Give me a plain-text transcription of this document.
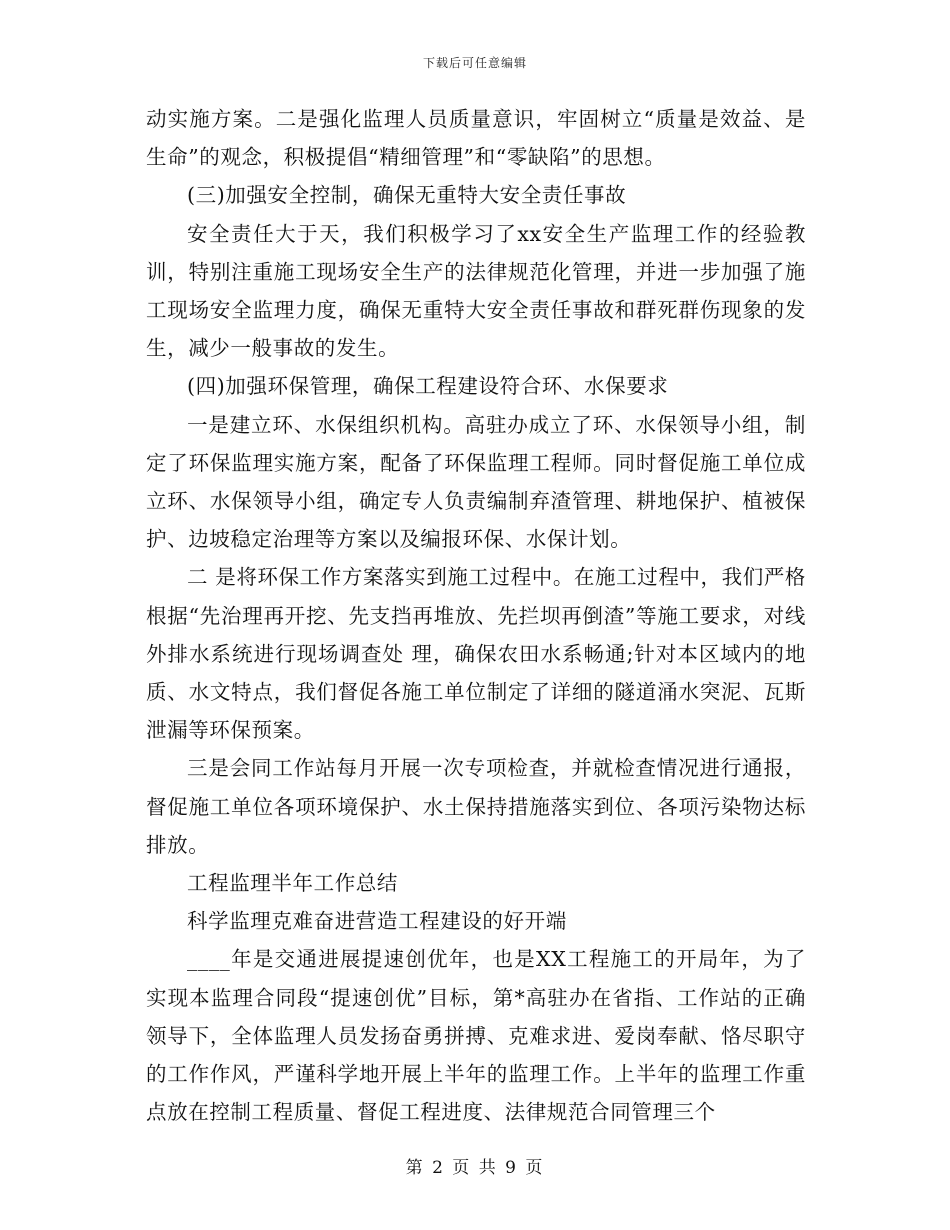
下载后可任意编辑

动实施方案。二是强化监理人员质量意识，牢固树立“质量是效益、是生命”的观念，积极提倡“精细管理”和“零缺陷”的思想。

(三)加强安全控制，确保无重特大安全责任事故

安全责任大于天，我们积极学习了xx安全生产监理工作的经验教训，特别注重施工现场安全生产的法律规范化管理，并进一步加强了施工现场安全监理力度，确保无重特大安全责任事故和群死群伤现象的发生，减少一般事故的发生。

(四)加强环保管理，确保工程建设符合环、水保要求

一是建立环、水保组织机构。高驻办成立了环、水保领导小组，制定了环保监理实施方案，配备了环保监理工程师。同时督促施工单位成立环、水保领导小组，确定专人负责编制弃渣管理、耕地保护、植被保护、边坡稳定治理等方案以及编报环保、水保计划。

二 是将环保工作方案落实到施工过程中。在施工过程中，我们严格根据“先治理再开挖、先支挡再堆放、先拦坝再倒渣”等施工要求，对线外排水系统进行现场调查处 理，确保农田水系畅通;针对本区域内的地质、水文特点，我们督促各施工单位制定了详细的隧道涌水突泥、瓦斯泄漏等环保预案。

三是会同工作站每月开展一次专项检查，并就检查情况进行通报，督促施工单位各项环境保护、水土保持措施落实到位、各项污染物达标排放。

工程监理半年工作总结

科学监理克难奋进营造工程建设的好开端

____年是交通进展提速创优年，也是XX工程施工的开局年，为了实现本监理合同段“提速创优”目标，第*高驻办在省指、工作站的正确领导下，全体监理人员发扬奋勇拼搏、克难求进、爱岗奉献、恪尽职守的工作作风，严谨科学地开展上半年的监理工作。上半年的监理工作重点放在控制工程质量、督促工程进度、法律规范合同管理三个

第 2 页 共 9 页
